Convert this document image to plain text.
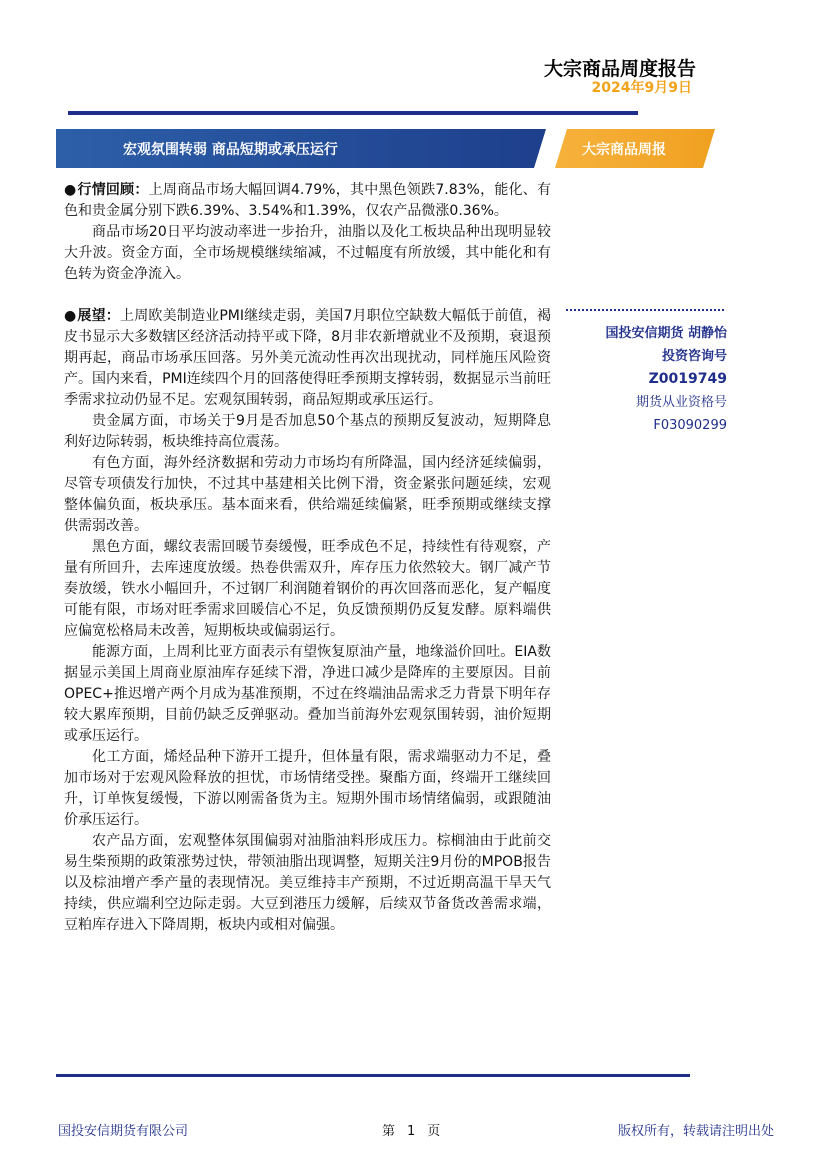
大宗商品周度报告
2024年9月9日
宏观氛围转弱 商品短期或承压运行	大宗商品周报

●行情回顾：上周商品市场大幅回调4.79%，其中黑色领跌7.83%，能化、有色和贵金属分别下跌6.39%、3.54%和1.39%，仅农产品微涨0.36%。

商品市场20日平均波动率进一步抬升，油脂以及化工板块品种出现明显较大升波。资金方面，全市场规模继续缩减，不过幅度有所放缓，其中能化和有色转为资金净流入。

●展望：上周欧美制造业PMI继续走弱，美国7月职位空缺数大幅低于前值，褐皮书显示大多数辖区经济活动持平或下降，8月非农新增就业不及预期，衰退预期再起，商品市场承压回落。另外美元流动性再次出现扰动，同样施压风险资产。国内来看，PMI连续四个月的回落使得旺季预期支撑转弱，数据显示当前旺季需求拉动仍显不足。宏观氛围转弱，商品短期或承压运行。

贵金属方面，市场关于9月是否加息50个基点的预期反复波动，短期降息利好边际转弱，板块维持高位震荡。

有色方面，海外经济数据和劳动力市场均有所降温，国内经济延续偏弱，尽管专项债发行加快，不过其中基建相关比例下滑，资金紧张问题延续，宏观整体偏负面，板块承压。基本面来看，供给端延续偏紧，旺季预期或继续支撑供需弱改善。

黑色方面，螺纹表需回暖节奏缓慢，旺季成色不足，持续性有待观察，产量有所回升，去库速度放缓。热卷供需双升，库存压力依然较大。钢厂减产节奏放缓，铁水小幅回升，不过钢厂利润随着钢价的再次回落而恶化，复产幅度可能有限，市场对旺季需求回暖信心不足，负反馈预期仍反复发酵。原料端供应偏宽松格局未改善，短期板块或偏弱运行。

能源方面，上周利比亚方面表示有望恢复原油产量，地缘溢价回吐。EIA数据显示美国上周商业原油库存延续下滑，净进口减少是降库的主要原因。目前OPEC+推迟增产两个月成为基准预期，不过在终端油品需求乏力背景下明年存较大累库预期，目前仍缺乏反弹驱动。叠加当前海外宏观氛围转弱，油价短期或承压运行。

化工方面，烯烃品种下游开工提升，但体量有限，需求端驱动力不足，叠加市场对于宏观风险释放的担忧，市场情绪受挫。聚酯方面，终端开工继续回升，订单恢复缓慢，下游以刚需备货为主。短期外围市场情绪偏弱，或跟随油价承压运行。

农产品方面，宏观整体氛围偏弱对油脂油料形成压力。棕榈油由于此前交易生柴预期的政策涨势过快，带领油脂出现调整，短期关注9月份的MPOB报告以及棕油增产季产量的表现情况。美豆维持丰产预期，不过近期高温干旱天气持续，供应端利空边际走弱。大豆到港压力缓解，后续双节备货改善需求端，豆粕库存进入下降周期，板块内或相对偏强。

国投安信期货 胡静怡
投资咨询号
Z0019749
期货从业资格号
F03090299
国投安信期货有限公司	第 1 页	版权所有，转载请注明出处
